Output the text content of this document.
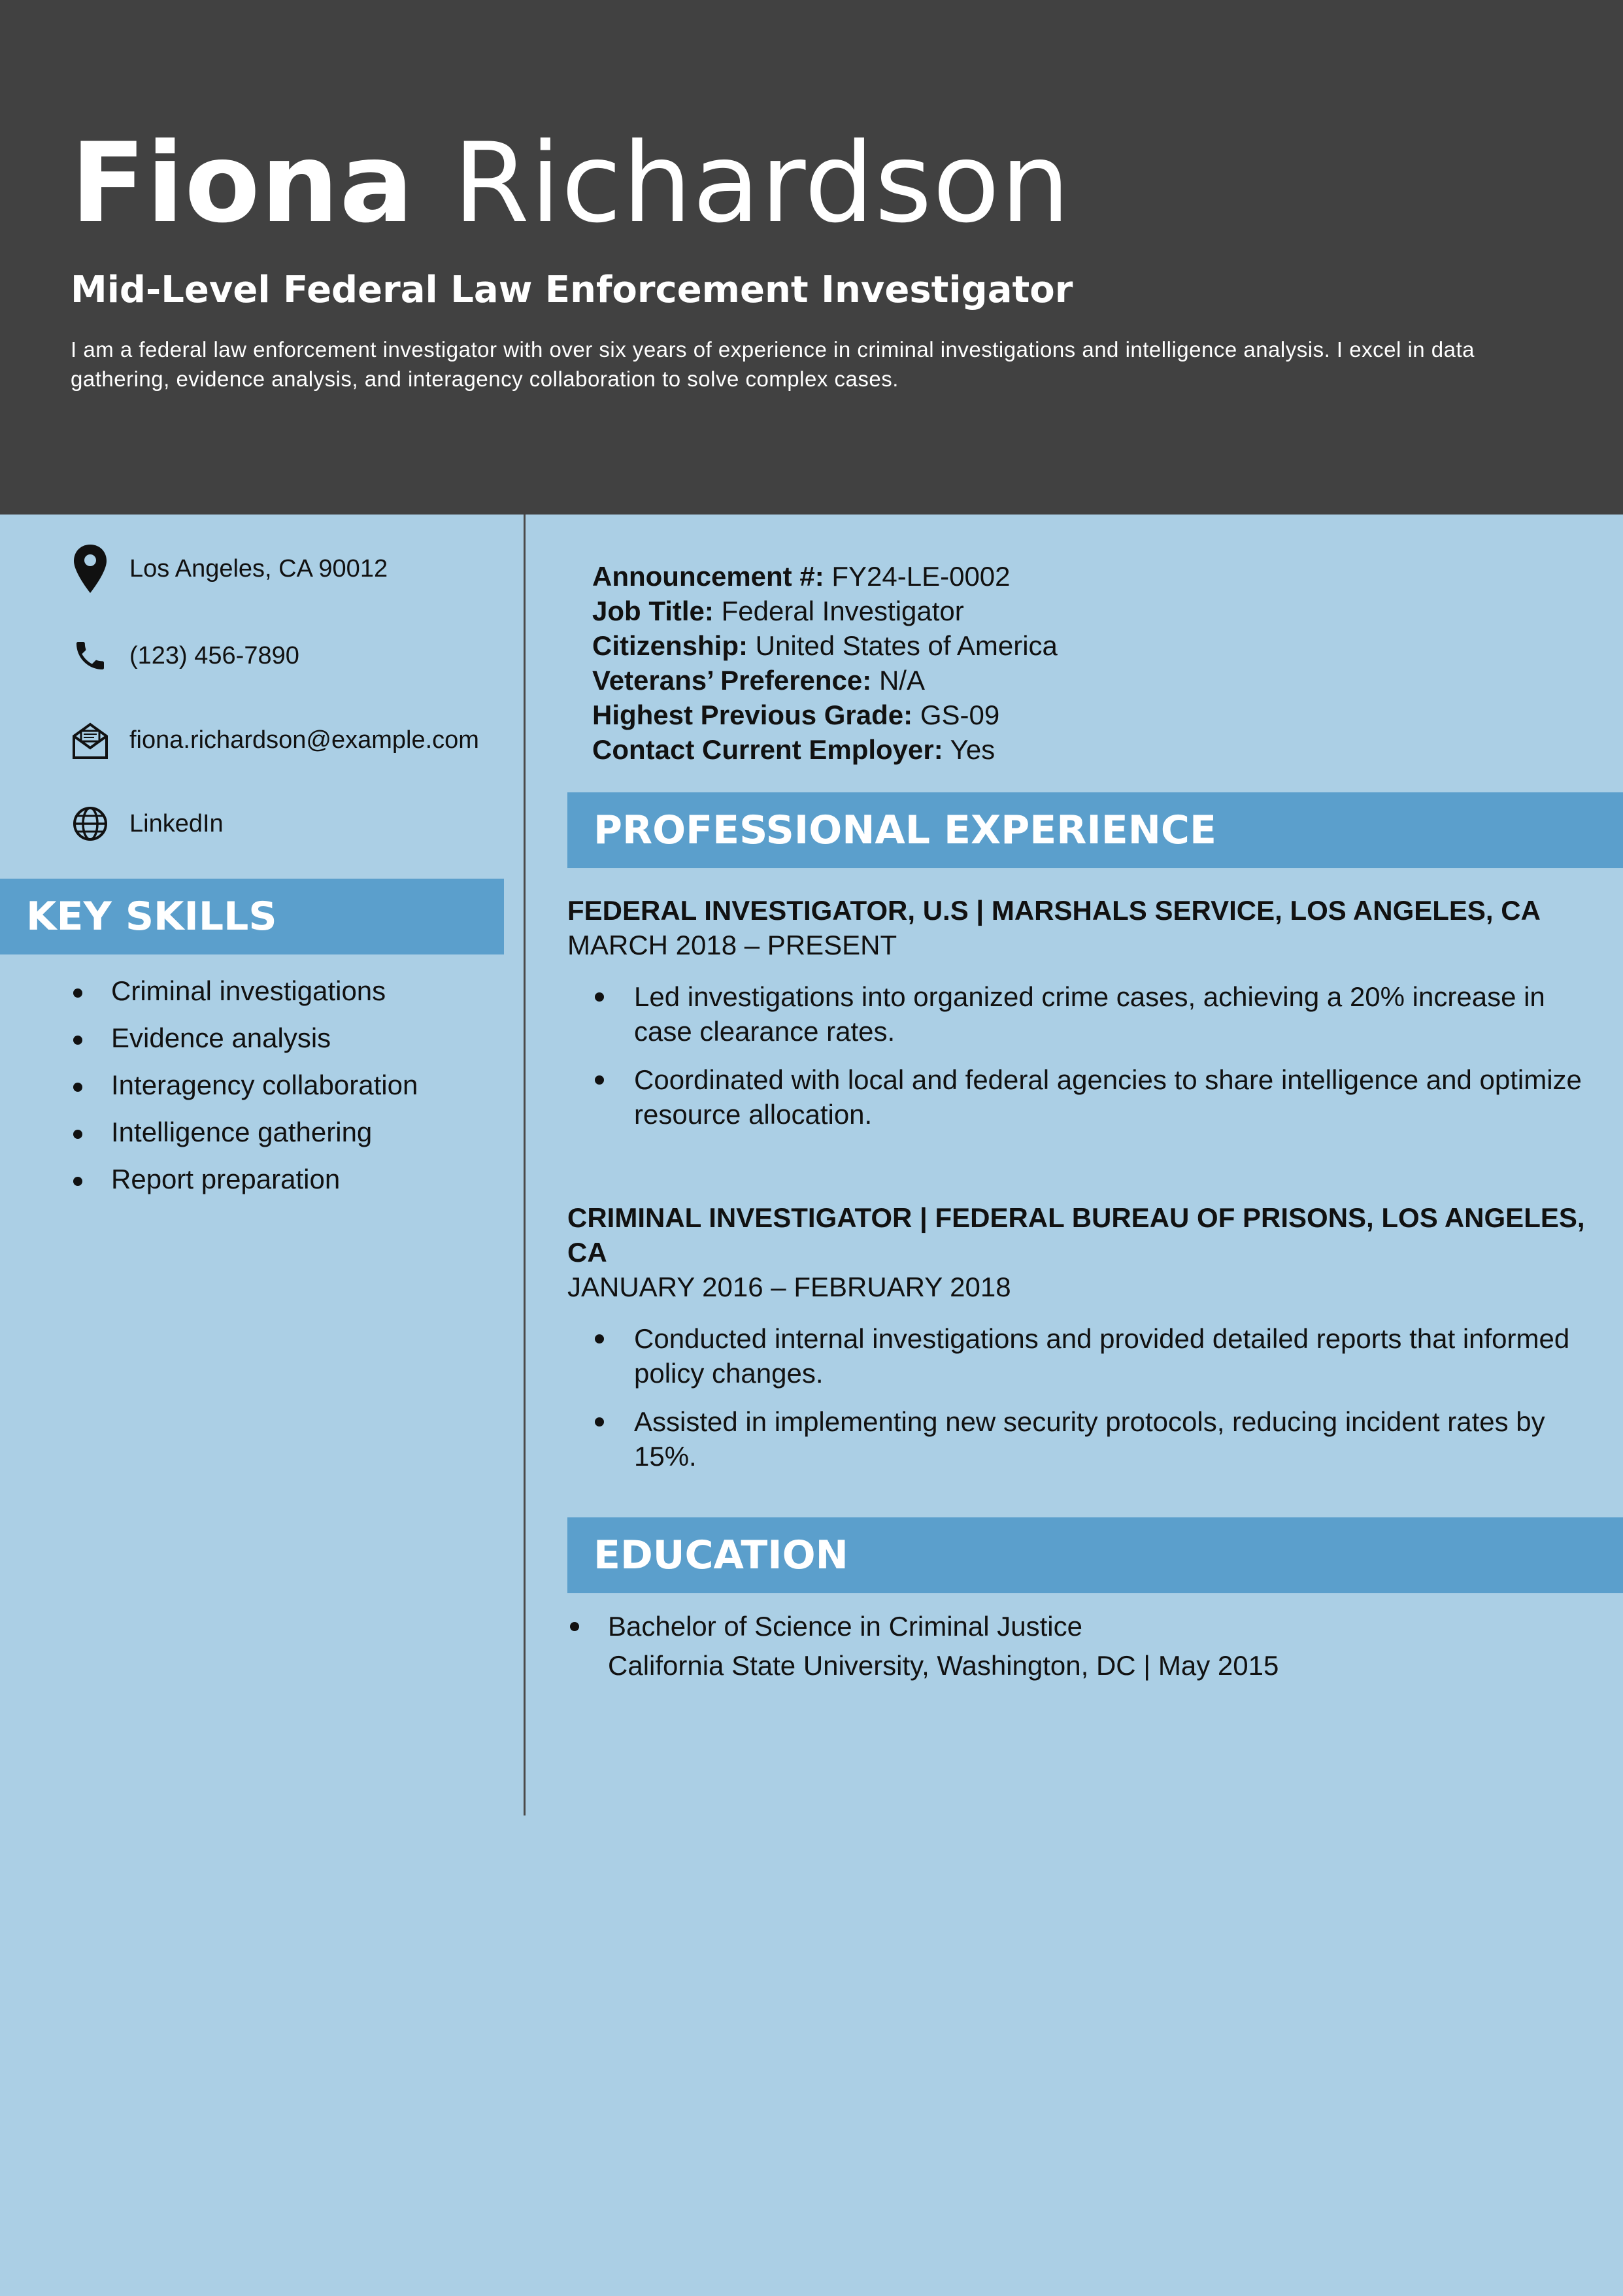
Fiona Richardson
Mid-Level Federal Law Enforcement Investigator

I am a federal law enforcement investigator with over six years of experience in criminal investigations and intelligence analysis. I excel in data gathering, evidence analysis, and interagency collaboration to solve complex cases.

Los Angeles, CA 90012
(123) 456-7890
fiona.richardson@example.com
LinkedIn
KEY SKILLS
Criminal investigations
Evidence analysis
Interagency collaboration
Intelligence gathering
Report preparation
Announcement #: FY24-LE-0002
Job Title: Federal Investigator
Citizenship: United States of America
Veterans’ Preference: N/A
Highest Previous Grade: GS-09
Contact Current Employer: Yes
PROFESSIONAL EXPERIENCE
FEDERAL INVESTIGATOR, U.S | MARSHALS SERVICE, LOS ANGELES, CA
MARCH 2018 – PRESENT
Led investigations into organized crime cases, achieving a 20% increase in case clearance rates.
Coordinated with local and federal agencies to share intelligence and optimize resource allocation.
CRIMINAL INVESTIGATOR | FEDERAL BUREAU OF PRISONS, LOS ANGELES, CA
JANUARY 2016 – FEBRUARY 2018
Conducted internal investigations and provided detailed reports that informed policy changes.
Assisted in implementing new security protocols, reducing incident rates by 15%.
EDUCATION
Bachelor of Science in Criminal Justice
California State University, Washington, DC | May 2015
